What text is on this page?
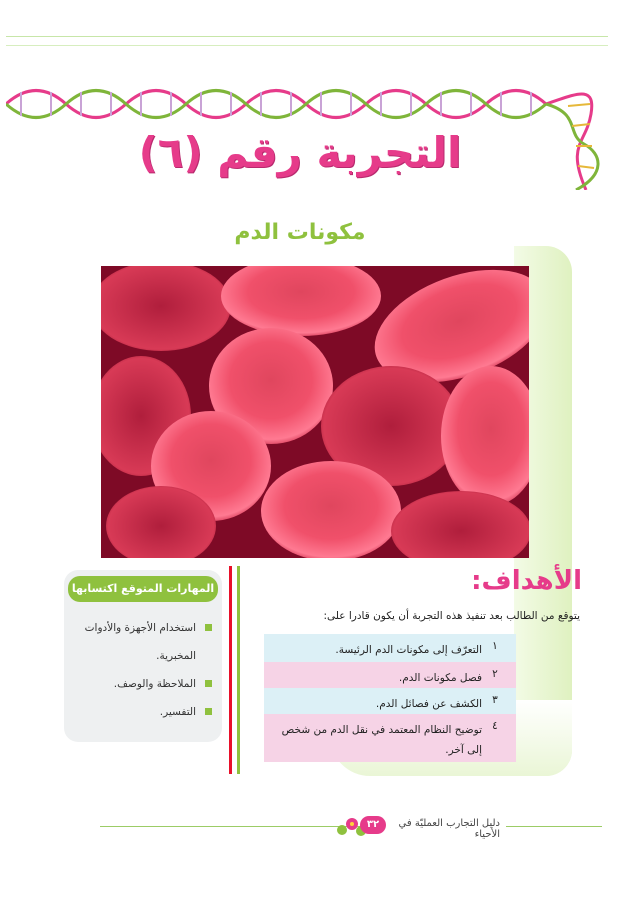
التجربة رقم (٦)
مكونات الدم
المهارات المتوقع اكتسابها
استخدام الأجهزة والأدوات
المخبرية.
الملاحظة والوصف.
التفسير.
الأهداف:

يتوقع من الطالب بعد تنفيذ هذه التجربة أن يكون قادرا على:

١
التعرّف إلى مكونات الدم الرئيسة.
٢
فصل مكونات الدم.
٣
الكشف عن فصائل الدم.
٤
توضيح النظام المعتمد في نقل الدم من شخص إلى آخر.
٣٢	دليل التجارب العمليّة في الأحياء
